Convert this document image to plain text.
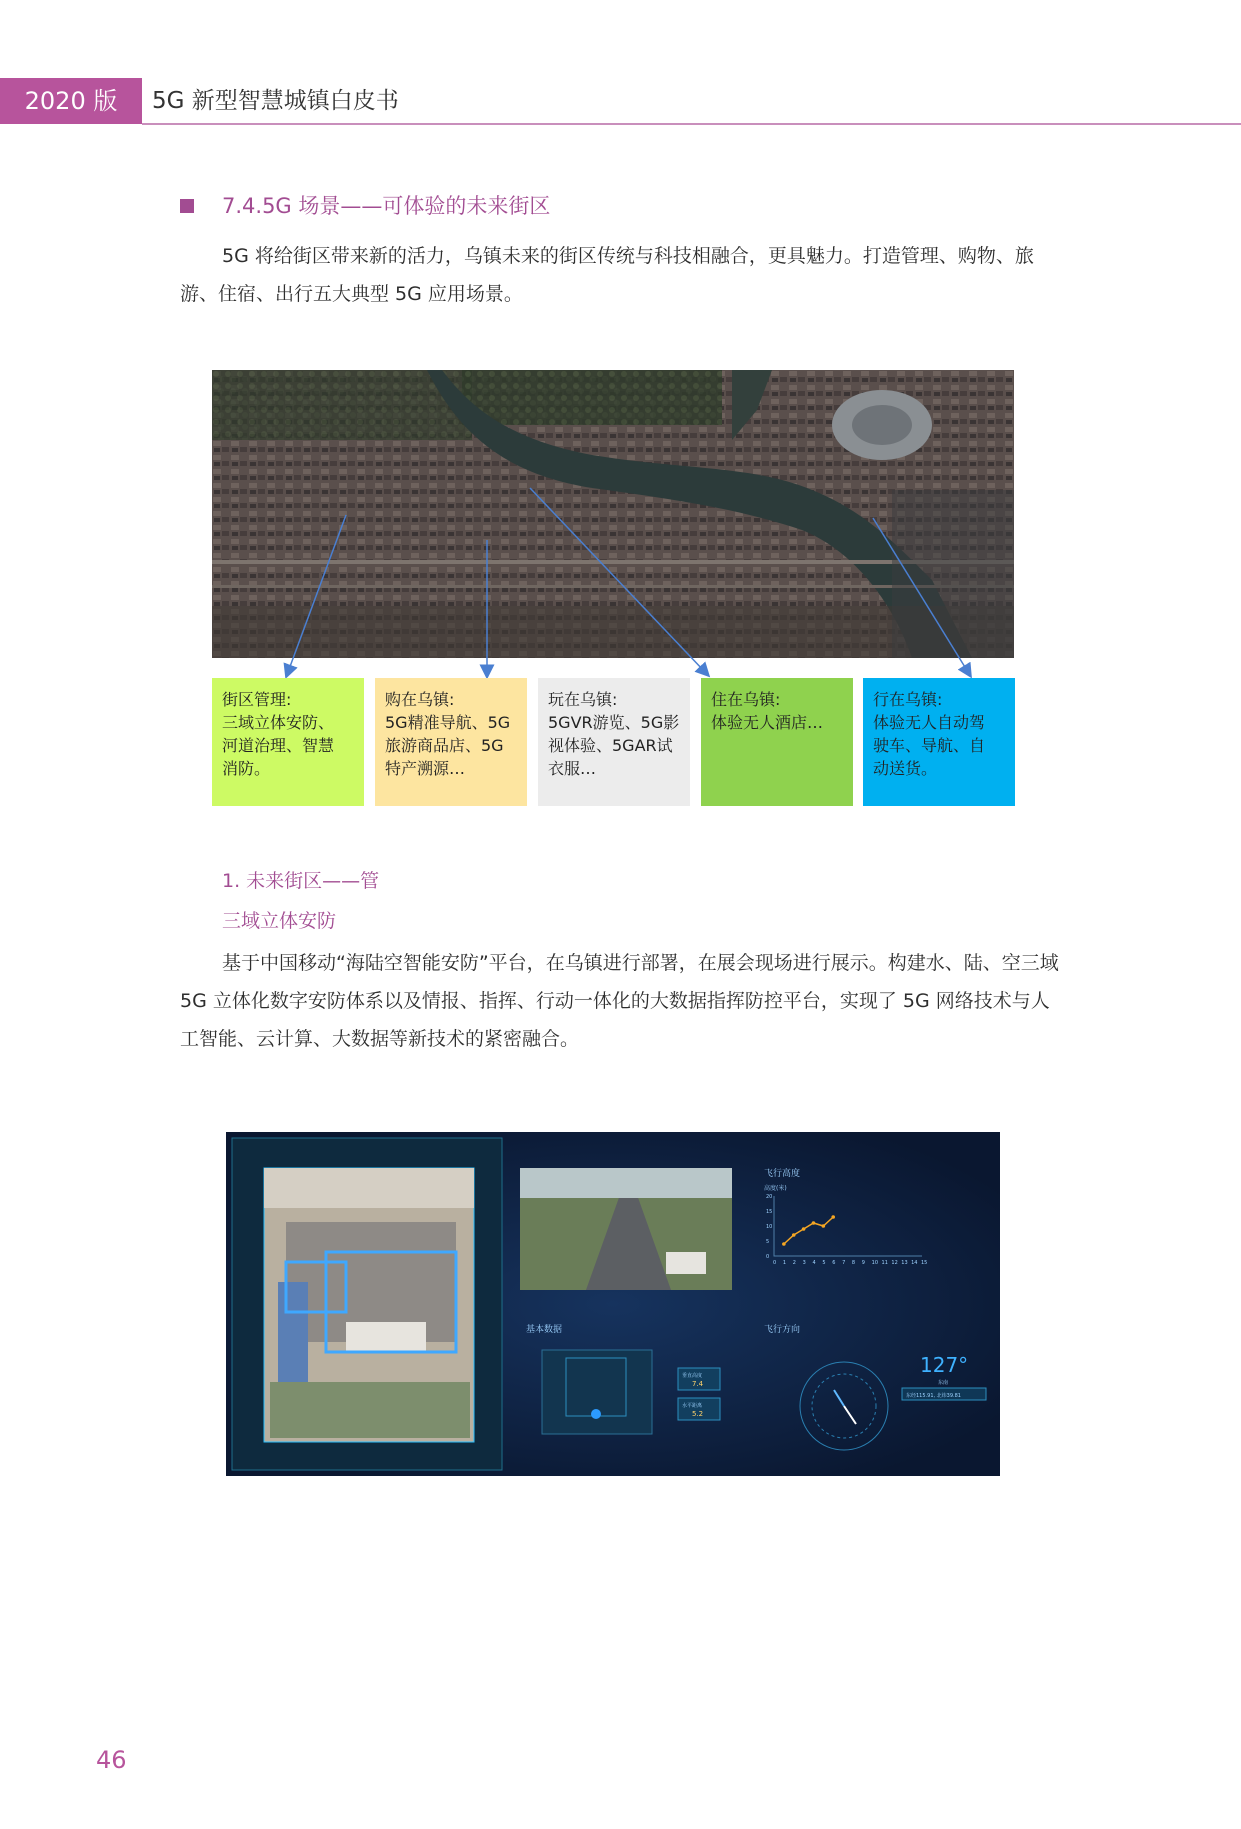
2020 版	5G 新型智慧城镇白皮书
7.4.5G 场景——可体验的未来街区

5G 将给街区带来新的活力，乌镇未来的街区传统与科技相融合，更具魅力。打造管理、购物、旅游、住宿、出行五大典型 5G 应用场景。

街区管理:
三域立体安防、
河道治理、智慧
消防。
购在乌镇:
5G精准导航、5G
旅游商品店、5G
特产溯源…
玩在乌镇:
5GVR游览、5G影
视体验、5GAR试
衣服…
住在乌镇:
体验无人酒店…
行在乌镇:
体验无人自动驾
驶车、导航、自
动送货。
1. 未来街区——管
三域立体安防

基于中国移动“海陆空智能安防”平台，在乌镇进行部署，在展会现场进行展示。构建水、陆、空三域 5G 立体化数字安防体系以及情报、指挥、行动一体化的大数据指挥防控平台，实现了 5G 网络技术与人工智能、云计算、大数据等新技术的紧密融合。

飞行高度
高度(米)
20
15
10
5
0
0 1 2 3 4 5 6 7 8 9 10 11 12 13 14 15
基本数据
垂直高度
7.4
水平距离
5.2
飞行方向
127°
东南
东经115.91, 北纬39.81
46
